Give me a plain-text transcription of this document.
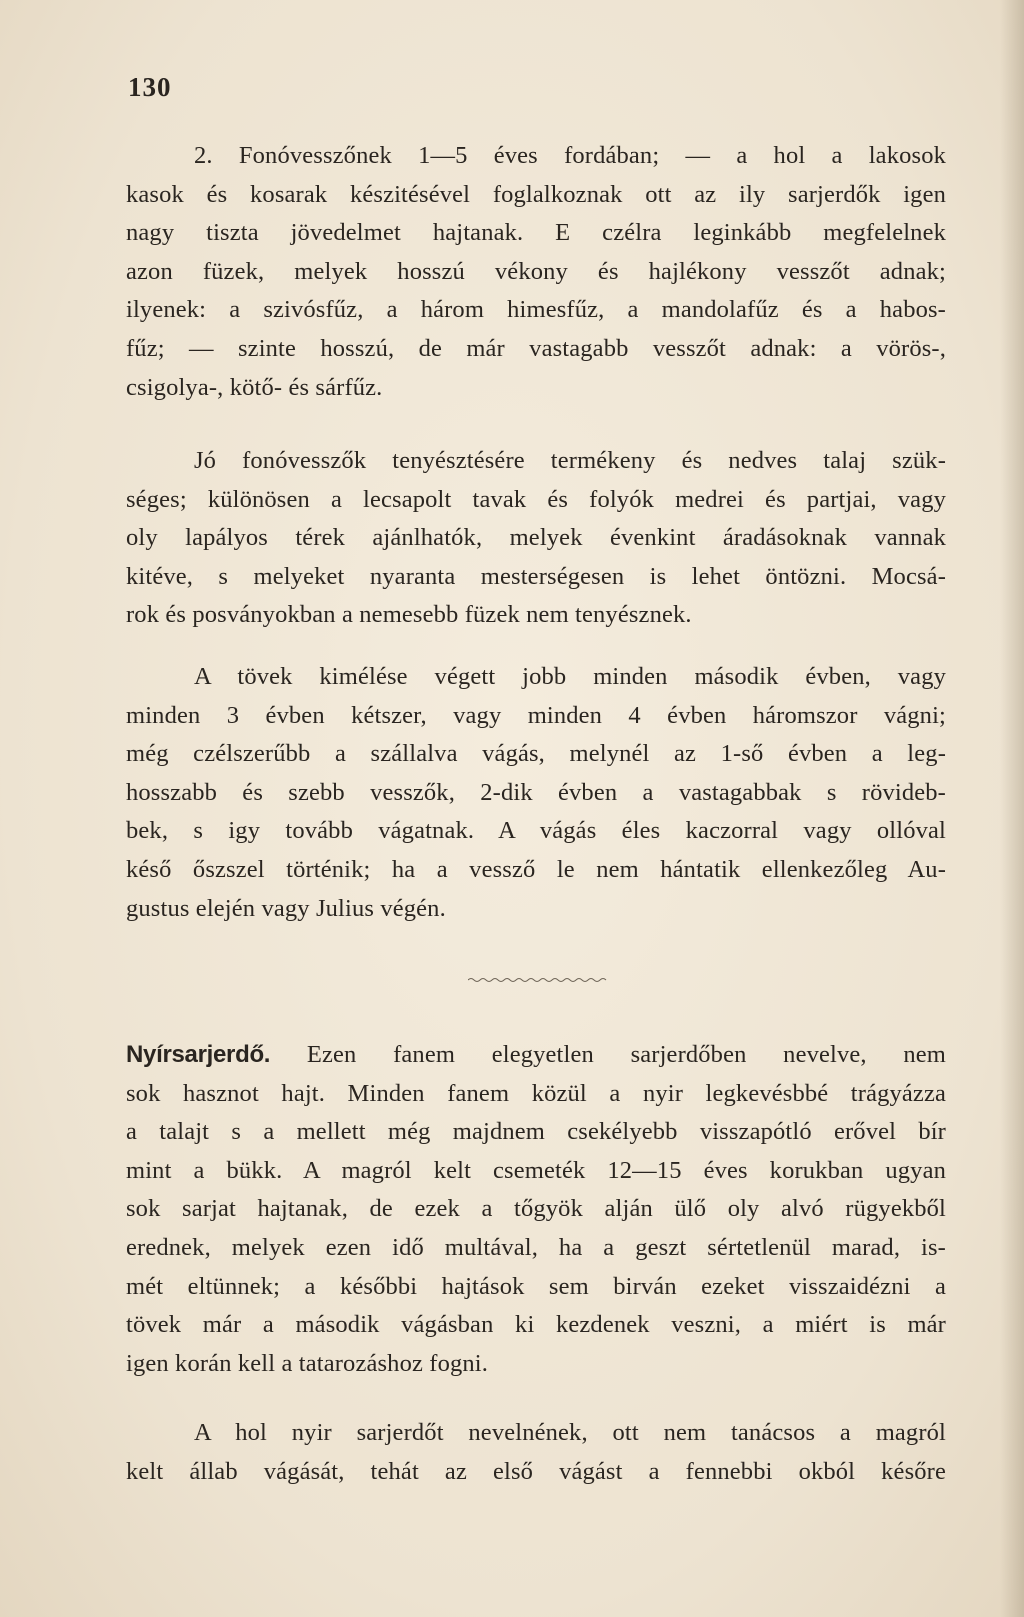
130
2. Fonóvesszőnek 1—5 éves fordában; — a hol a lakosok
kasok és kosarak készitésével foglalkoznak ott az ily sarjerdők igen
nagy tiszta jövedelmet hajtanak. E czélra leginkább megfelelnek
azon füzek, melyek hosszú vékony és hajlékony vesszőt adnak;
ilyenek: a szivósfűz, a három himesfűz, a mandolafűz és a habos-
fűz; — szinte hosszú, de már vastagabb vesszőt adnak: a vörös-,
csigolya-, kötő- és sárfűz.
Jó fonóvesszők tenyésztésére termékeny és nedves talaj szük-
séges; különösen a lecsapolt tavak és folyók medrei és partjai, vagy
oly lapályos térek ajánlhatók, melyek évenkint áradásoknak vannak
kitéve, s melyeket nyaranta mesterségesen is lehet öntözni. Mocsá-
rok és posványokban a nemesebb füzek nem tenyésznek.
A tövek kimélése végett jobb minden második évben, vagy
minden 3 évben kétszer, vagy minden 4 évben háromszor vágni;
még czélszerűbb a szállalva vágás, melynél az 1-ső évben a leg-
hosszabb és szebb vesszők, 2-dik évben a vastagabbak s rövideb-
bek, s igy tovább vágatnak. A vágás éles kaczorral vagy ollóval
késő őszszel történik; ha a vessző le nem hántatik ellenkezőleg Au-
gustus elején vagy Julius végén.
Nyírsarjerdő. Ezen fanem elegyetlen sarjerdőben nevelve, nem
sok hasznot hajt. Minden fanem közül a nyir legkevésbbé trágyázza
a talajt s a mellett még majdnem csekélyebb visszapótló erővel bír
mint a bükk. A magról kelt csemeték 12—15 éves korukban ugyan
sok sarjat hajtanak, de ezek a tőgyök alján ülő oly alvó rügyekből
erednek, melyek ezen idő multával, ha a geszt sértetlenül marad, is-
mét eltünnek; a későbbi hajtások sem birván ezeket visszaidézni a
tövek már a második vágásban ki kezdenek veszni, a miért is már
igen korán kell a tatarozáshoz fogni.
A hol nyir sarjerdőt nevelnének, ott nem tanácsos a magról
kelt állab vágását, tehát az első vágást a fennebbi okból későre
